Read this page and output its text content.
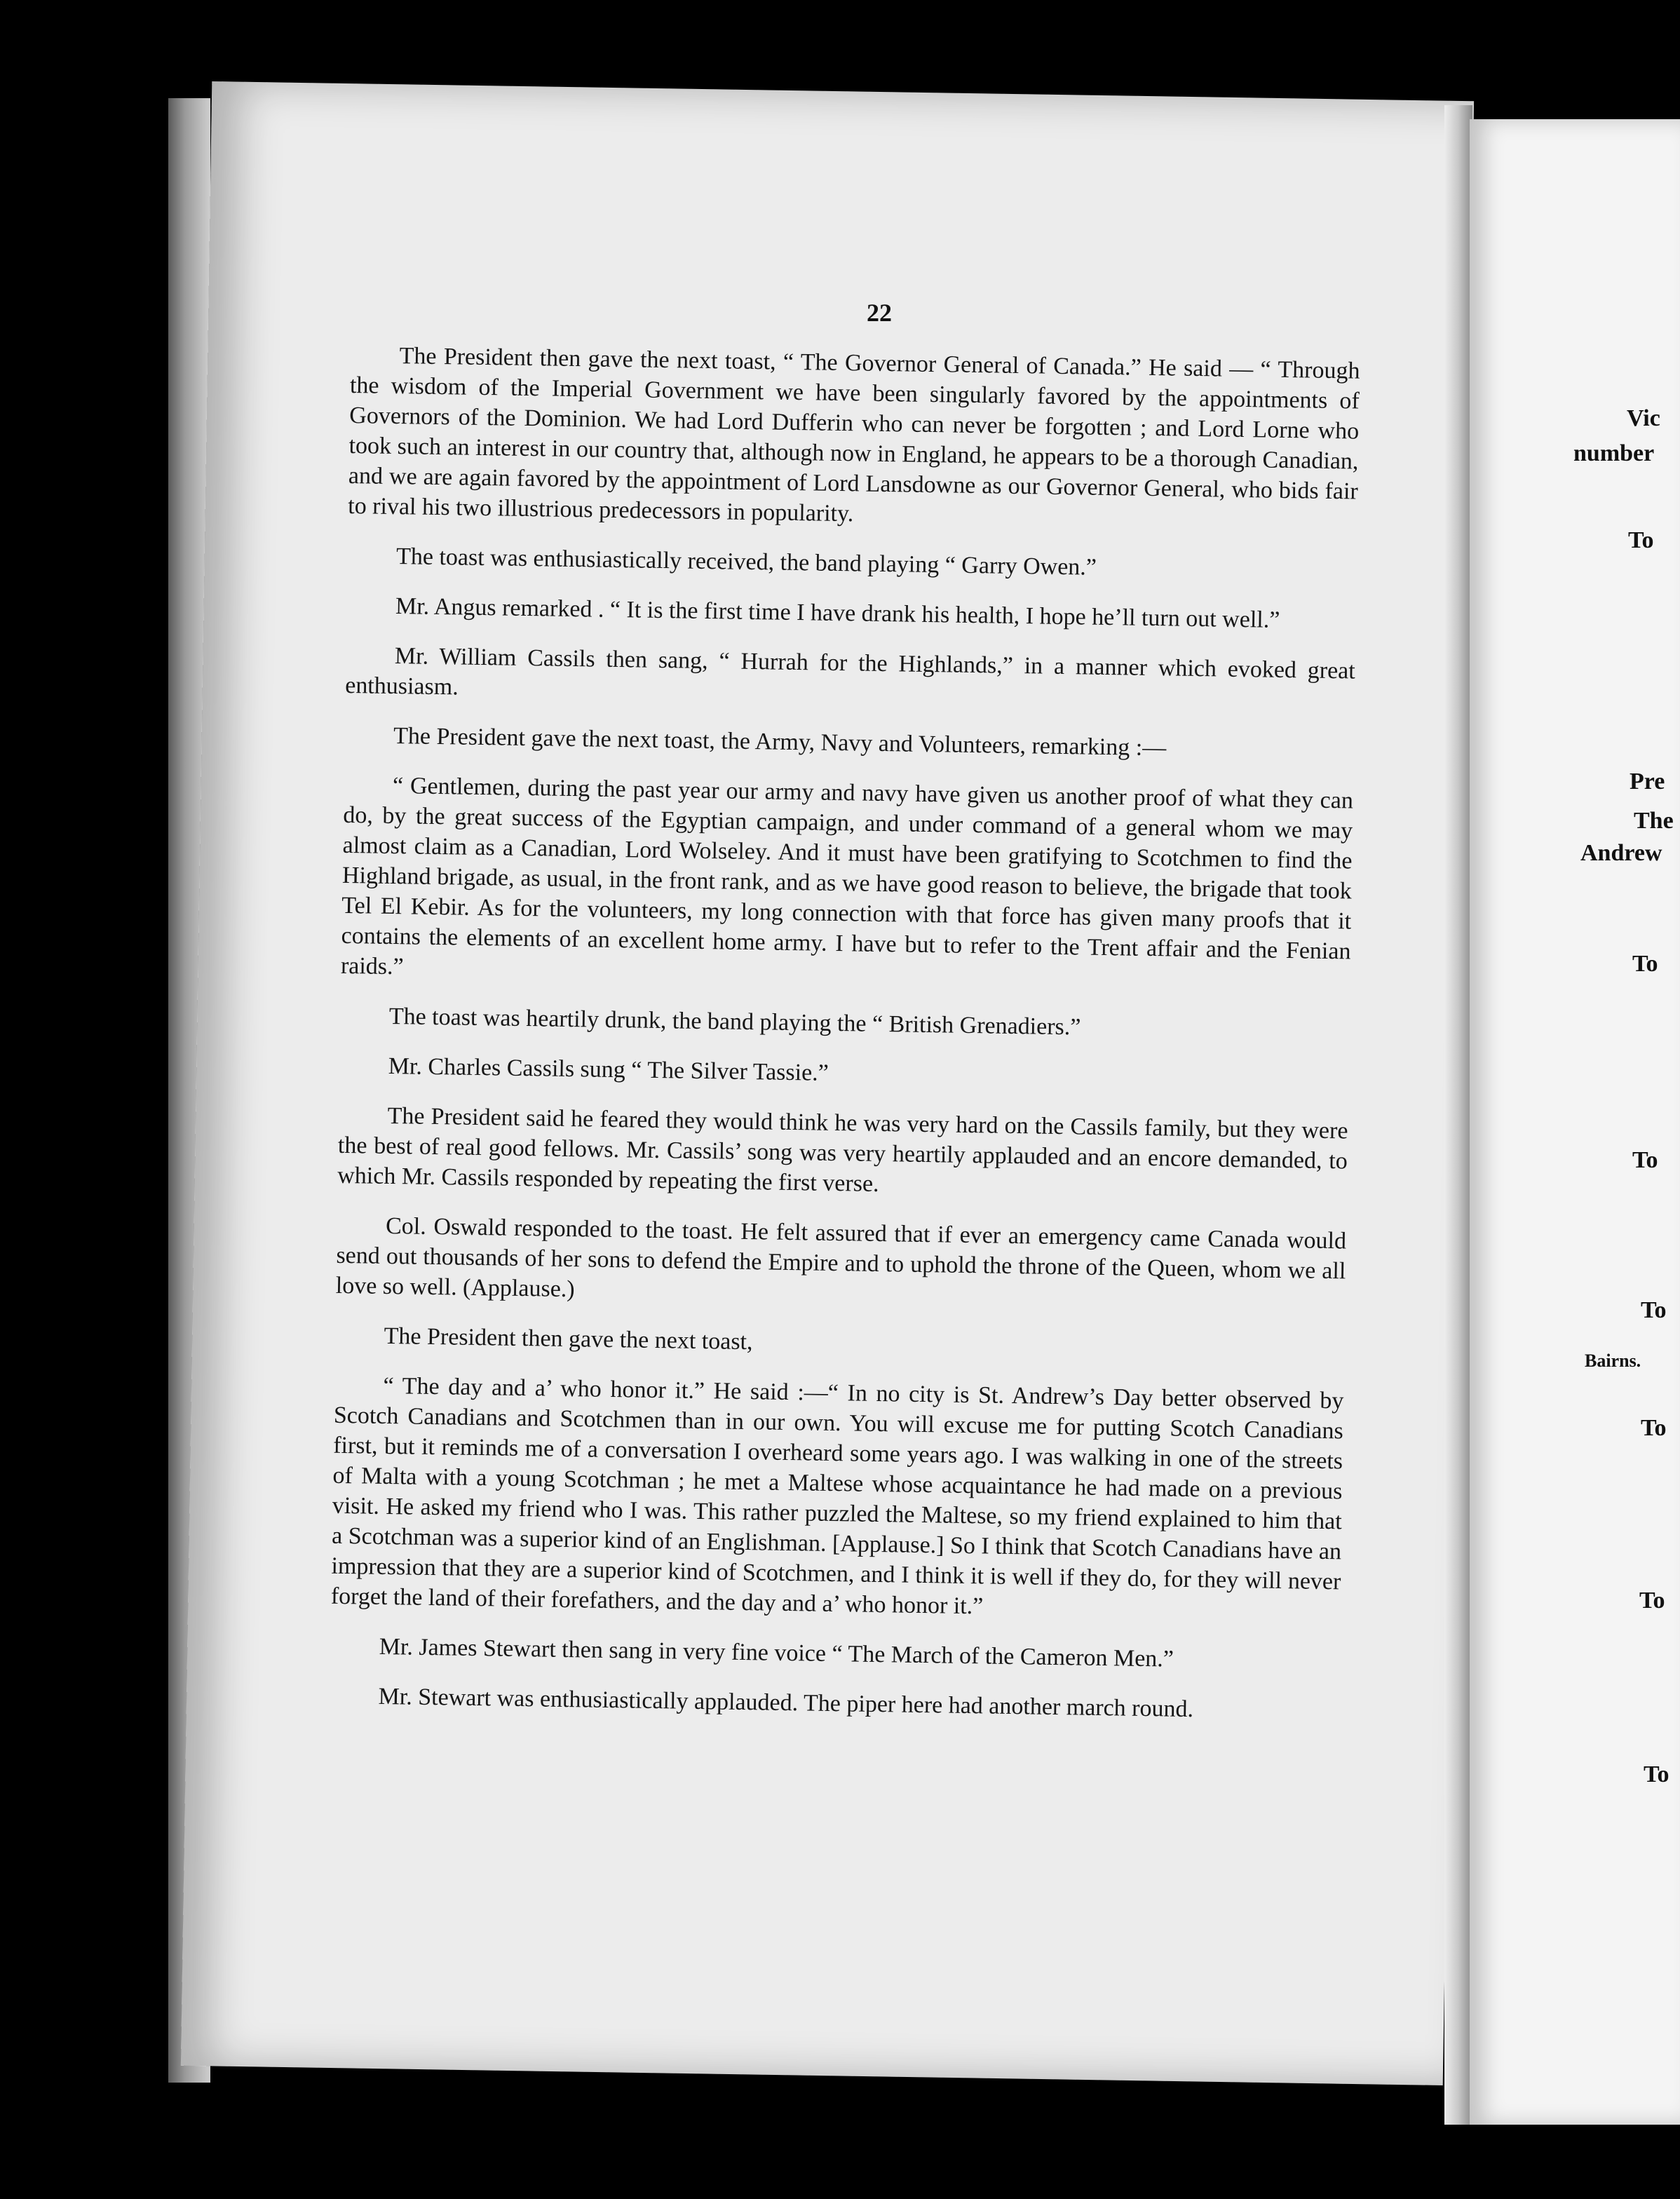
22

The President then gave the next toast, “ The Governor General of Canada.” He said — “ Through the wisdom of the Imperial Government we have been singularly favored by the appointments of Governors of the Dominion. We had Lord Dufferin who can never be forgotten ; and Lord Lorne who took such an interest in our country that, although now in England, he appears to be a thorough Canadian, and we are again favored by the appointment of Lord Lansdowne as our Governor General, who bids fair to rival his two illustrious predecessors in popularity.

The toast was enthusiastically received, the band playing “ Garry Owen.”

Mr. Angus remarked . “ It is the first time I have drank his health, I hope he’ll turn out well.”

Mr. William Cassils then sang, “ Hurrah for the Highlands,” in a manner which evoked great enthusiasm.

The President gave the next toast, the Army, Navy and Volunteers, remarking :—

“ Gentlemen, during the past year our army and navy have given us another proof of what they can do, by the great success of the Egyptian campaign, and under command of a general whom we may almost claim as a Canadian, Lord Wolseley. And it must have been gratifying to Scotchmen to find the Highland brigade, as usual, in the front rank, and as we have good reason to believe, the brigade that took Tel El Kebir. As for the volunteers, my long connection with that force has given many proofs that it contains the elements of an excellent home army. I have but to refer to the Trent affair and the Fenian raids.”

The toast was heartily drunk, the band playing the “ British Grenadiers.”

Mr. Charles Cassils sung “ The Silver Tassie.”

The President said he feared they would think he was very hard on the Cassils family, but they were the best of real good fellows. Mr. Cassils’ song was very heartily applauded and an encore demanded, to which Mr. Cassils responded by repeating the first verse.

Col. Oswald responded to the toast. He felt assured that if ever an emergency came Canada would send out thousands of her sons to defend the Empire and to uphold the throne of the Queen, whom we all love so well. (Applause.)

The President then gave the next toast,

“ The day and a’ who honor it.” He said :—“ In no city is St. Andrew’s Day better observed by Scotch Canadians and Scotchmen than in our own. You will excuse me for putting Scotch Canadians first, but it reminds me of a conversation I overheard some years ago. I was walking in one of the streets of Malta with a young Scotchman ; he met a Maltese whose acquaintance he had made on a previous visit. He asked my friend who I was. This rather puzzled the Maltese, so my friend explained to him that a Scotchman was a superior kind of an Englishman. [Applause.] So I think that Scotch Canadians have an impression that they are a superior kind of Scotchmen, and I think it is well if they do, for they will never forget the land of their forefathers, and the day and a’ who honor it.”

Mr. James Stewart then sang in very fine voice “ The March of the Cameron Men.”

Mr. Stewart was enthusiastically applauded. The piper here had another march round.

Vic
number
To
Pre
The
Andrew
To
To
To
Bairns.
To
To
To
